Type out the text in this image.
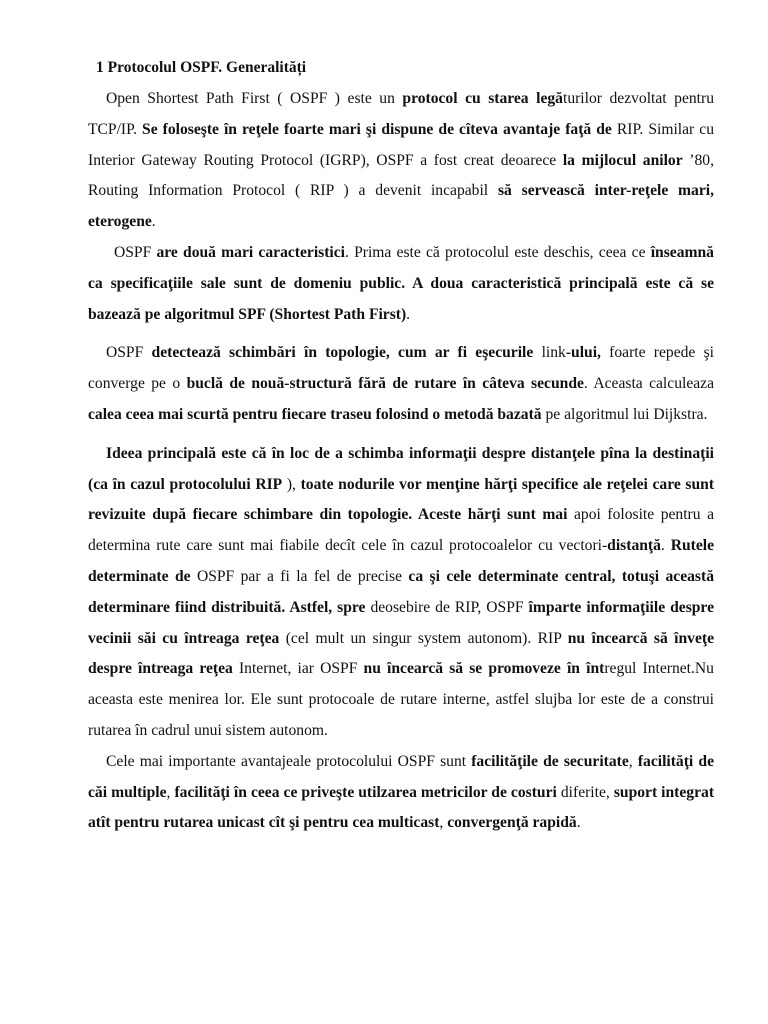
1 Protocolul OSPF. Generalități

Open Shortest Path First ( OSPF ) este un protocol cu starea legăturilor dezvoltat pentru TCP/IP. Se foloseşte în reţele foarte mari şi dispune de cîteva avantaje faţă de RIP. Similar cu Interior Gateway Routing Protocol (IGRP), OSPF a fost creat deoarece la mijlocul anilor ’80, Routing Information Protocol ( RIP ) a devenit incapabil să servească inter-reţele mari, eterogene.

OSPF are două mari caracteristici. Prima este că protocolul este deschis, ceea ce înseamnă ca specificaţiile sale sunt de domeniu public. A doua caracteristică principală este că se bazează pe algoritmul SPF (Shortest Path First).

OSPF detectează schimbări în topologie, cum ar fi eşecurile link-ului, foarte repede şi converge pe o buclă de nouă-structură fără de rutare în câteva secunde. Aceasta calculeaza calea ceea mai scurtă pentru fiecare traseu folosind o metodă bazată pe algoritmul lui Dijkstra.

Ideea principală este că în loc de a schimba informaţii despre distanţele pîna la destinaţii (ca în cazul protocolului RIP ), toate nodurile vor menţine hărţi specifice ale reţelei care sunt revizuite după fiecare schimbare din topologie. Aceste hărţi sunt mai apoi folosite pentru a determina rute care sunt mai fiabile decît cele în cazul protocoalelor cu vectori-distanţă. Rutele determinate de OSPF par a fi la fel de precise ca şi cele determinate central, totuşi această determinare fiind distribuită. Astfel, spre deosebire de RIP, OSPF împarte informaţiile despre vecinii săi cu întreaga reţea (cel mult un singur system autonom). RIP nu încearcă să înveţe despre întreaga reţea Internet, iar OSPF nu încearcă să se promoveze în întregul Internet.Nu aceasta este menirea lor. Ele sunt protocoale de rutare interne, astfel slujba lor este de a construi rutarea în cadrul unui sistem autonom.

Cele mai importante avantajeale protocolului OSPF sunt facilităţile de securitate, facilităţi de căi multiple, facilităţi în ceea ce priveşte utilzarea metricilor de costuri diferite, suport integrat atît pentru rutarea unicast cît şi pentru cea multicast, convergenţă rapidă.
